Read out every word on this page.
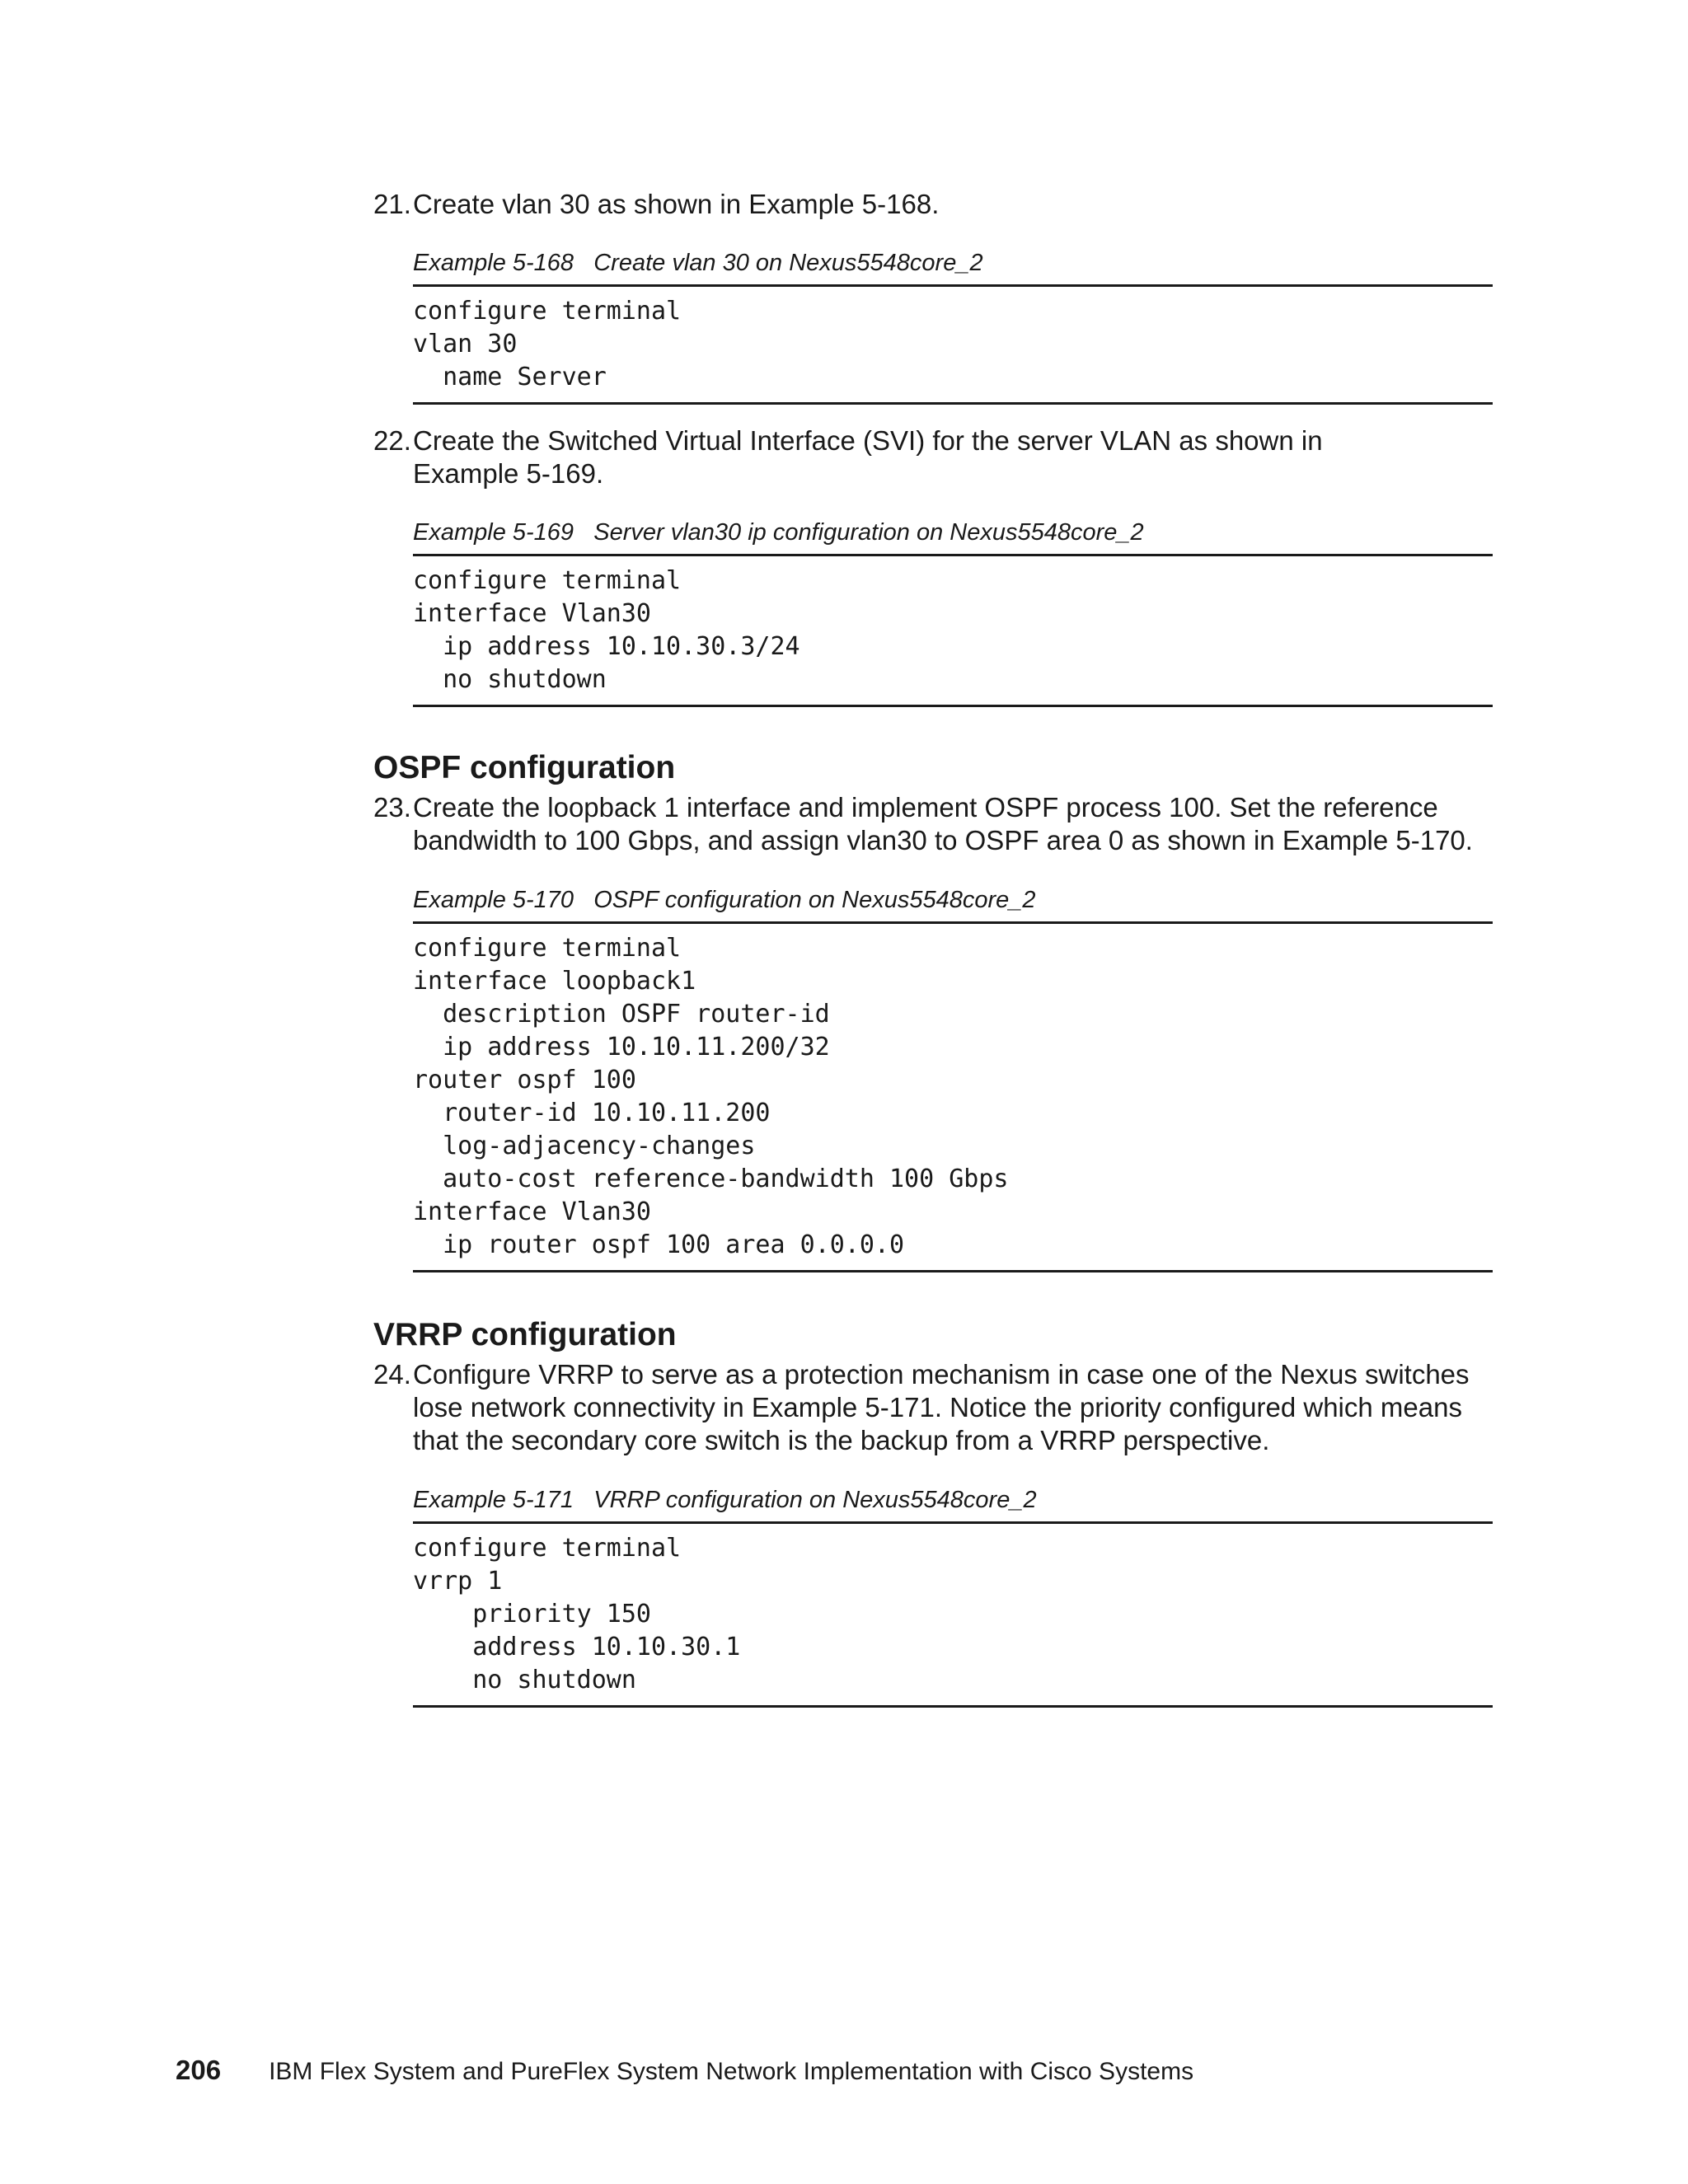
21. Create vlan 30 as shown in Example 5-168.
Example 5-168   Create vlan 30 on Nexus5548core_2
configure terminal
vlan 30
name Server
22. Create the Switched Virtual Interface (SVI) for the server VLAN as shown in
Example 5-169.
Example 5-169   Server vlan30 ip configuration on Nexus5548core_2
configure terminal
interface Vlan30
ip address 10.10.30.3/24
no shutdown
OSPF configuration
23. Create the loopback 1 interface and implement OSPF process 100. Set the reference
bandwidth to 100 Gbps, and assign vlan30 to OSPF area 0 as shown in Example 5-170.
Example 5-170   OSPF configuration on Nexus5548core_2
configure terminal
interface loopback1
description OSPF router-id
ip address 10.10.11.200/32
router ospf 100
router-id 10.10.11.200
log-adjacency-changes
auto-cost reference-bandwidth 100 Gbps
interface Vlan30
ip router ospf 100 area 0.0.0.0
VRRP configuration
24. Configure VRRP to serve as a protection mechanism in case one of the Nexus switches
lose network connectivity in Example 5-171. Notice the priority configured which means
that the secondary core switch is the backup from a VRRP perspective.
Example 5-171   VRRP configuration on Nexus5548core_2
configure terminal
vrrp 1
priority 150
address 10.10.30.1
no shutdown
206 IBM Flex System and PureFlex System Network Implementation with Cisco Systems
